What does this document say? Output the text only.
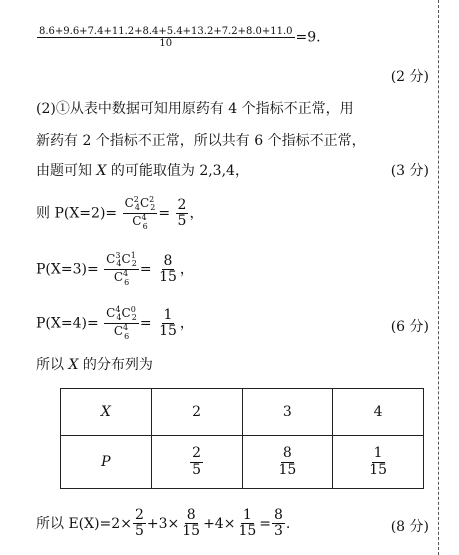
$\frac{8.6+9.6+7.4+11.2+8.4+5.4+13.2+7.2+8.0+11.0}{10} =9$.
(2 分)
(2)①从表中数据可知用原药有 4 个指标不正常，用
新药有 2 个指标不正常，所以共有 6 个指标不正常，
由题可知 X 的可能取值为 2,3,4，	(3 分)
则 $P(X=2)= \frac{C^2_4C^2_2}{C^4_6} = \frac{2}{5}$ ，
$P(X=3)= \frac{C^3_4C^1_2}{C^4_6} = \frac{8}{15}$ ，
$P(X=4)= \frac{C^4_4C^0_2}{C^4_6} = \frac{1}{15}$ ，	(6 分)
所以 X 的分布列为
X	2	3	4
P	$\frac{2}{5}$	$\frac{8}{15}$	$\frac{1}{15}$
所以 $E(X)=2\times \frac{2}{5} +3\times \frac{8}{15} +4\times \frac{1}{15} = \frac{8}{3}$ .	(8 分)
